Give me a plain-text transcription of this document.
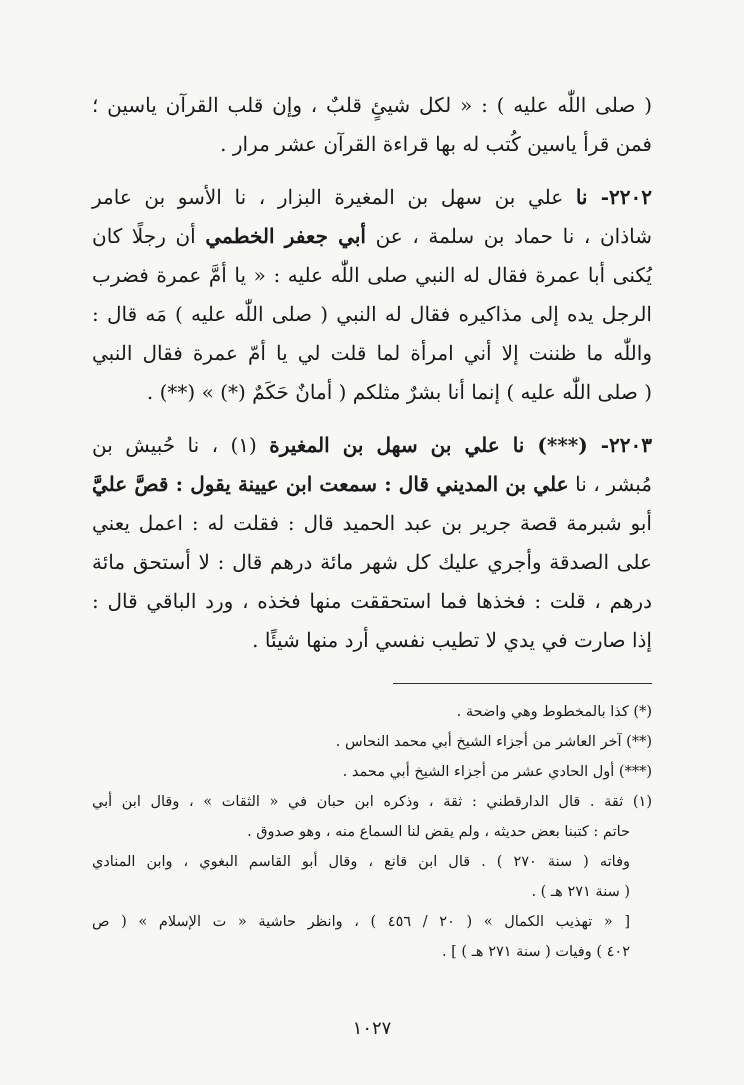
( صلى اللّٰه عليه ) : « لكل شيئٍ قلبٌ ، وإن قلب القرآن ياسين ؛
فمن قرأ ياسين كُتب له بها قراءة القرآن عشر مرار .
٢٢٠٢- نا علي بن سهل بن المغيرة البزار ، نا الأسو بن عامر
شاذان ، نا حماد بن سلمة ، عن أبي جعفر الخطمي أن رجلًا كان
يُكنى أبا عمرة فقال له النبي صلى اللّٰه عليه : « يا أمَّ عمرة فضرب
الرجل يده إلى مذاكيره فقال له النبي ( صلى اللّٰه عليه ) مَه قال :
واللّٰه ما ظننت إلا أني امرأة لما قلت لي يا أمّ عمرة فقال النبي
( صلى اللّٰه عليه ) إنما أنا بشرٌ مثلكم ( أمانٌ حَكَمٌ (*) » (**) .
٢٢٠٣- (***) نا علي بن سهل بن المغيرة (١) ، نا حُبيش بن
مُبشر ، نا علي بن المديني قال : سمعت ابن عيينة يقول : قصَّ عليَّ
أبو شبرمة قصة جرير بن عبد الحميد قال : فقلت له : اعمل يعني
على الصدقة وأجري عليك كل شهر مائة درهم قال : لا أستحق مائة
درهم ، قلت : فخذها فما استحققت منها فخذه ، ورد الباقي قال :
إذا صارت في يدي لا تطيب نفسي أرد منها شيئًا .
(*) كذا بالمخطوط وهي واضحة .
(**) آخر العاشر من أجزاء الشيخ أبي محمد النحاس .
(***) أول الحادي عشر من أجزاء الشيخ أبي محمد .
(١) ثقة . قال الدارقطني : ثقة ، وذكره ابن حبان في « الثقات » ، وقال ابن أبي
حاتم : كتبنا بعض حديثه ، ولم يقض لنا السماع منه ، وهو صدوق .
وفاته ( سنة ٢٧٠ ) . قال ابن قانع ، وقال أبو القاسم البغوي ، وابن المنادي
( سنة ٢٧١ هـ ) .
[ « تهذيب الكمال » ( ٢٠ / ٤٥٦ ) ، وانظر حاشية « ت الإسلام » ( ص
٤٠٢ ) وفيات ( سنة ٢٧١ هـ ) ] .
١٠٢٧
